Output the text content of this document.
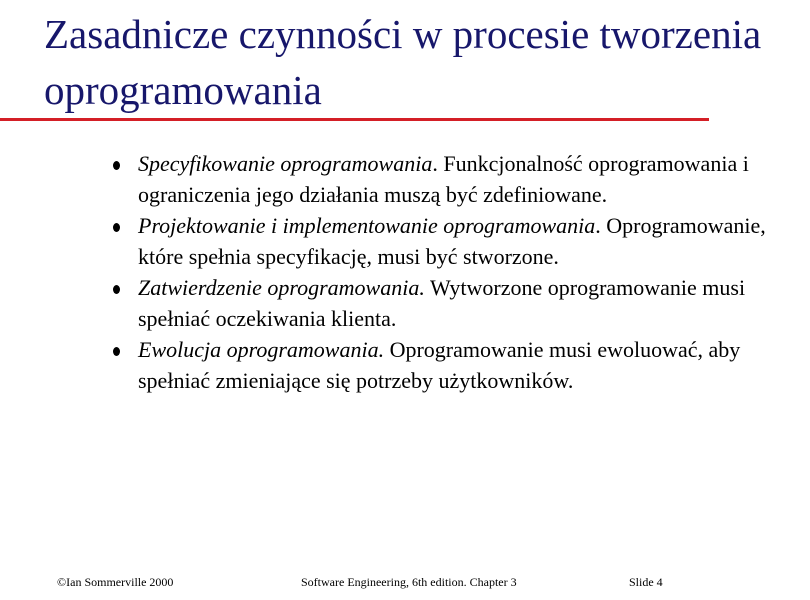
Zasadnicze czynności w procesie tworzenia oprogramowania
Specyfikowanie oprogramowania. Funkcjonalność oprogramowania i ograniczenia jego działania muszą być zdefiniowane.
Projektowanie i implementowanie oprogramowania. Oprogramowanie, które spełnia specyfikację, musi być stworzone.
Zatwierdzenie oprogramowania. Wytworzone oprogramowanie musi spełniać oczekiwania klienta.
Ewolucja oprogramowania. Oprogramowanie musi ewoluować, aby spełniać zmieniające się potrzeby użytkowników.
©Ian Sommerville 2000	Software Engineering, 6th edition. Chapter 3	Slide 4
